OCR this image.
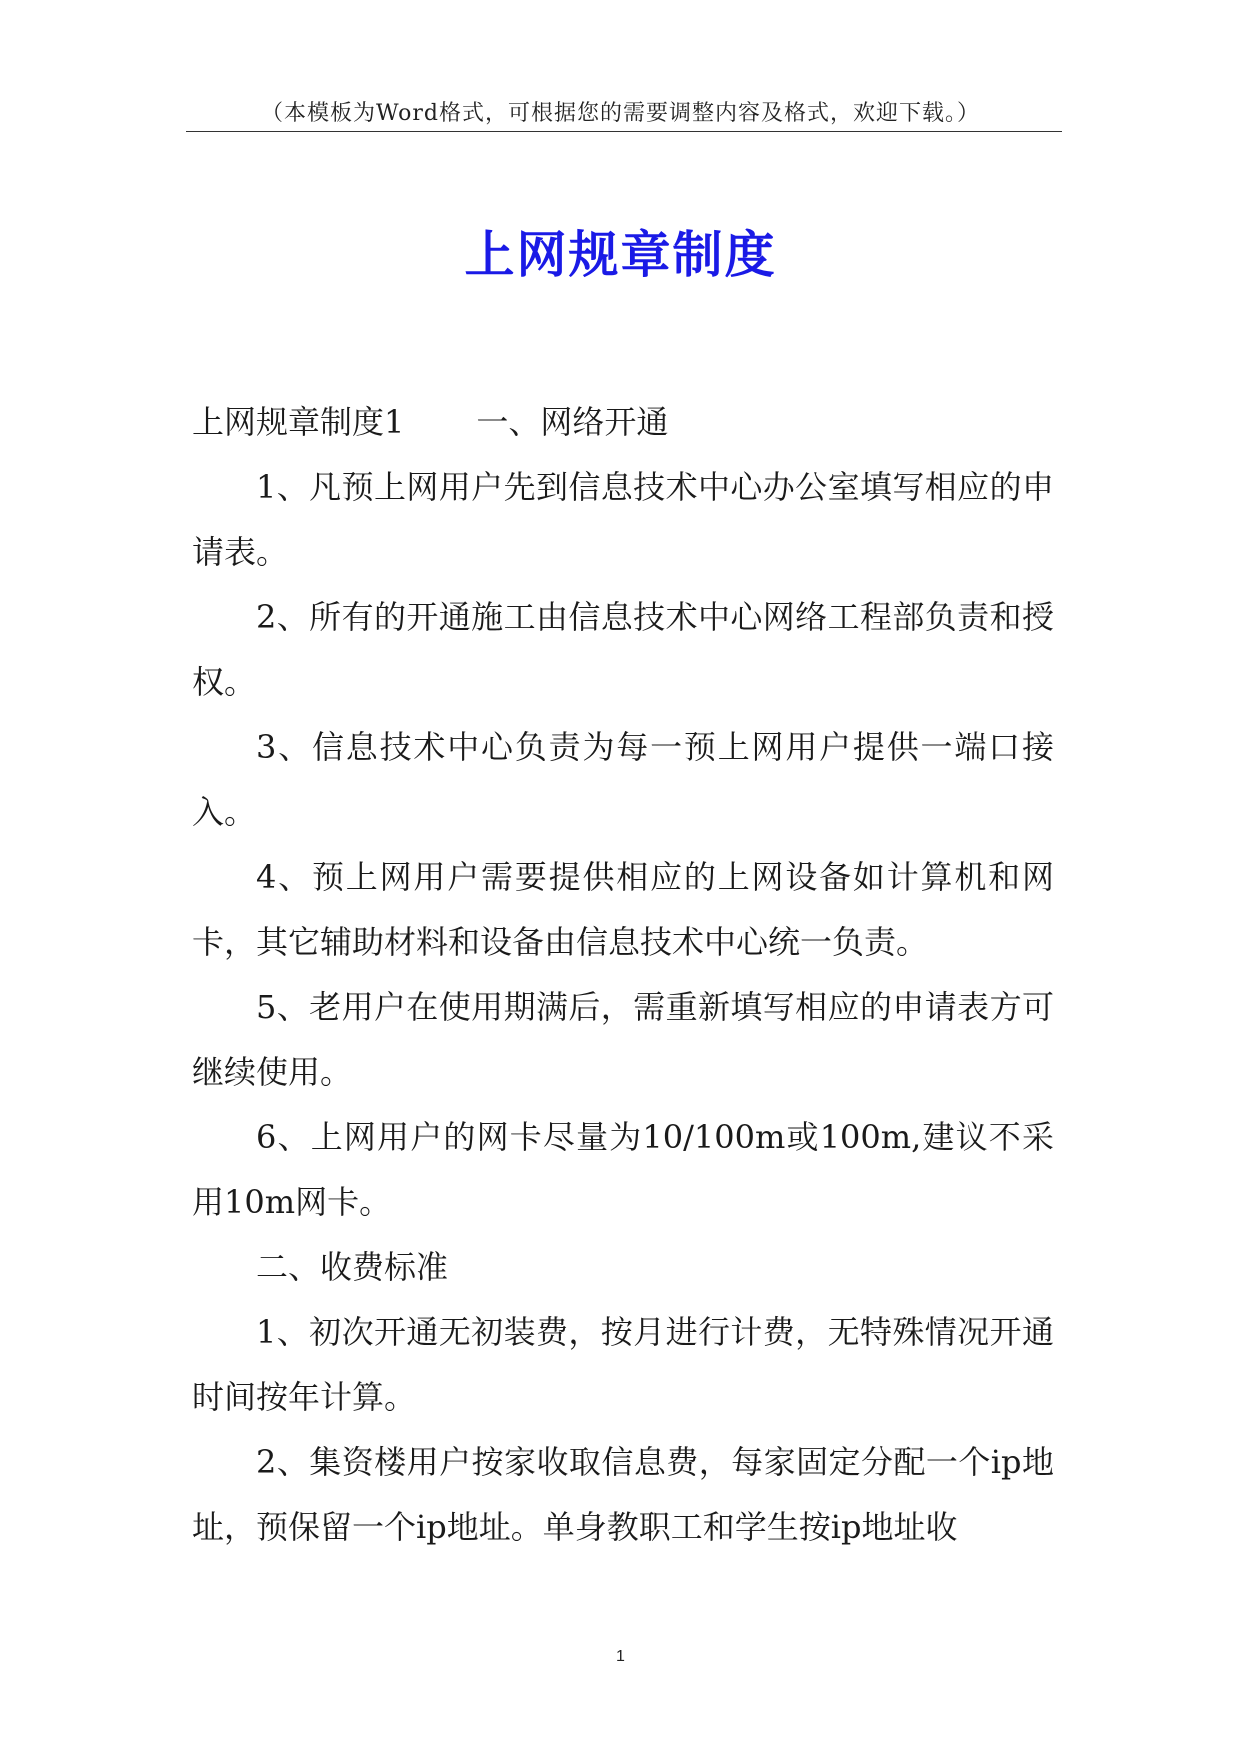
（本模板为Word格式，可根据您的需要调整内容及格式，欢迎下载。）
上网规章制度

上网规章制度1 一、网络开通

1、凡预上网用户先到信息技术中心办公室填写相应的申请表。

2、所有的开通施工由信息技术中心网络工程部负责和授权。

3、信息技术中心负责为每一预上网用户提供一端口接入。

4、预上网用户需要提供相应的上网设备如计算机和网卡，其它辅助材料和设备由信息技术中心统一负责。

5、老用户在使用期满后，需重新填写相应的申请表方可继续使用。

6、上网用户的网卡尽量为10/100m或100m,建议不采用10m网卡。

二、收费标准

1、初次开通无初装费，按月进行计费，无特殊情况开通时间按年计算。

2、集资楼用户按家收取信息费，每家固定分配一个ip地址，预保留一个ip地址。单身教职工和学生按ip地址收

1
